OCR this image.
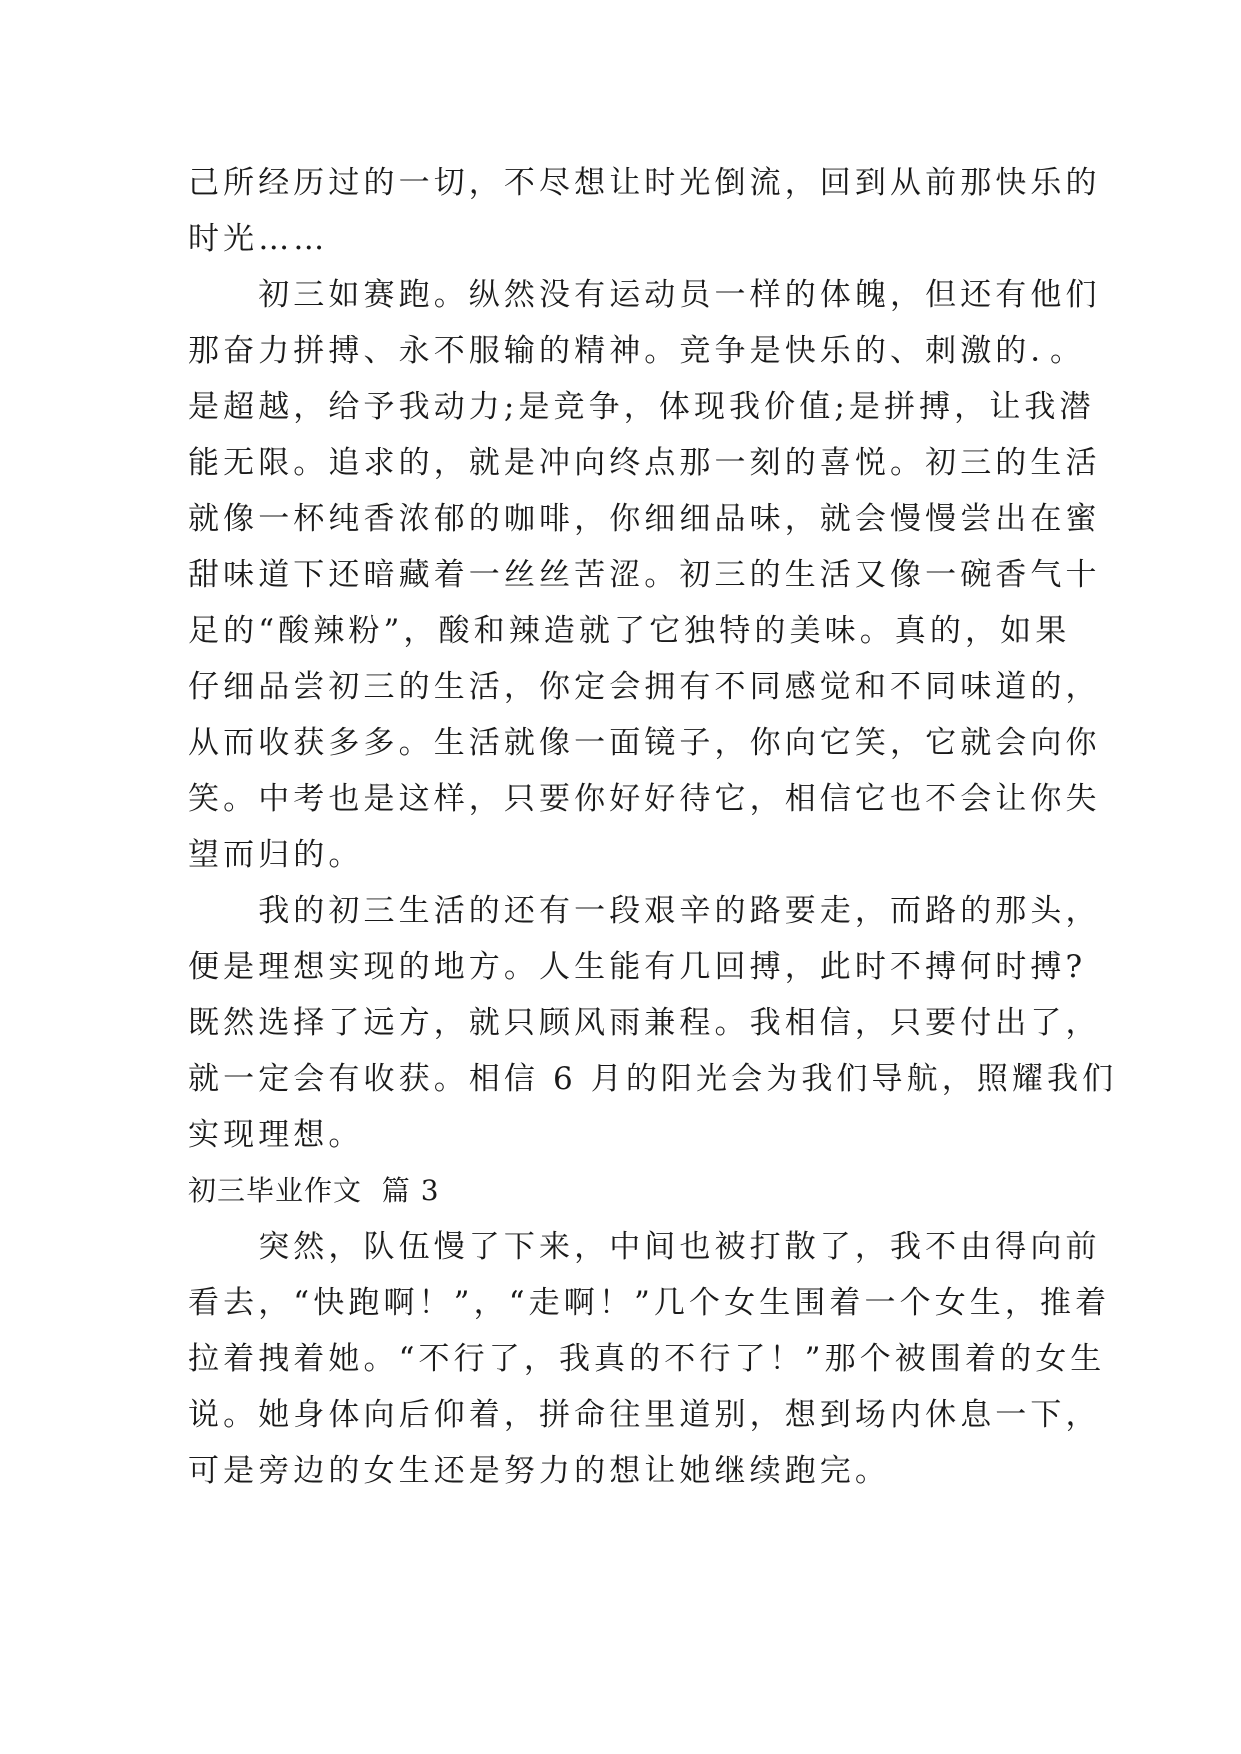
己所经历过的一切，不尽想让时光倒流，回到从前那快乐的
时光……
　　初三如赛跑。纵然没有运动员一样的体魄，但还有他们
那奋力拼搏、永不服输的精神。竞争是快乐的、刺激的．。
是超越，给予我动力;是竞争，体现我价值;是拼搏，让我潜
能无限。追求的，就是冲向终点那一刻的喜悦。初三的生活
就像一杯纯香浓郁的咖啡，你细细品味，就会慢慢尝出在蜜
甜味道下还暗藏着一丝丝苦涩。初三的生活又像一碗香气十
足的“酸辣粉”，酸和辣造就了它独特的美味。真的，如果
仔细品尝初三的生活，你定会拥有不同感觉和不同味道的，
从而收获多多。生活就像一面镜子，你向它笑，它就会向你
笑。中考也是这样，只要你好好待它，相信它也不会让你失
望而归的。
　　我的初三生活的还有一段艰辛的路要走，而路的那头，
便是理想实现的地方。人生能有几回搏，此时不搏何时搏?
既然选择了远方，就只顾风雨兼程。我相信，只要付出了，
就一定会有收获。相信 6 月的阳光会为我们导航，照耀我们
实现理想。
初三毕业作文  篇 3
　　突然，队伍慢了下来，中间也被打散了，我不由得向前
看去，“快跑啊！”，“走啊！”几个女生围着一个女生，推着
拉着拽着她。“不行了，我真的不行了！”那个被围着的女生
说。她身体向后仰着，拼命往里道别，想到场内休息一下，
可是旁边的女生还是努力的想让她继续跑完。
